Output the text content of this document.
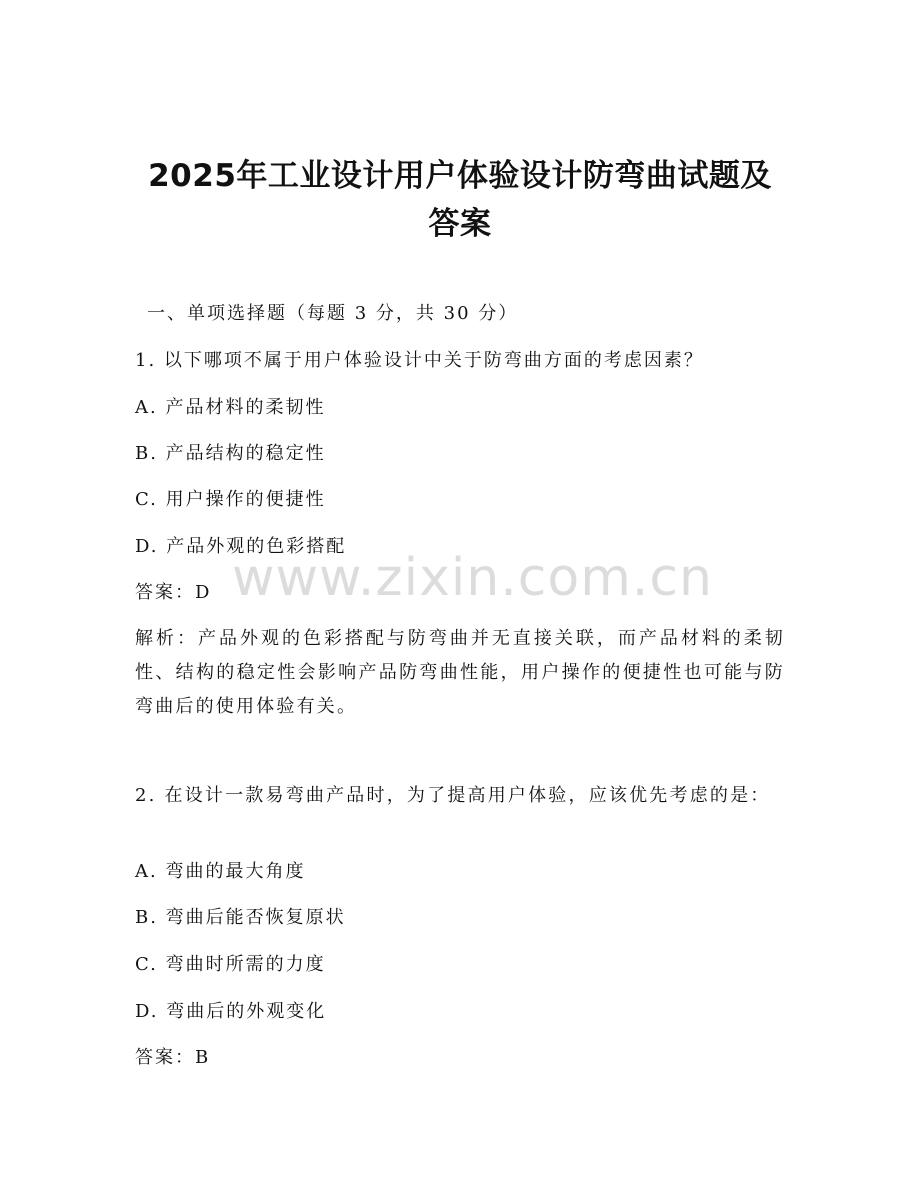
2025年工业设计用户体验设计防弯曲试题及
答案
一、单项选择题（每题 3 分，共 30 分）
1. 以下哪项不属于用户体验设计中关于防弯曲方面的考虑因素？
A. 产品材料的柔韧性
B. 产品结构的稳定性
C. 用户操作的便捷性
D. 产品外观的色彩搭配
答案：D
解析：产品外观的色彩搭配与防弯曲并无直接关联，而产品材料的柔韧性、结构的稳定性会影响产品防弯曲性能，用户操作的便捷性也可能与防弯曲后的使用体验有关。
2. 在设计一款易弯曲产品时，为了提高用户体验，应该优先考虑的是：
A. 弯曲的最大角度
B. 弯曲后能否恢复原状
C. 弯曲时所需的力度
D. 弯曲后的外观变化
答案：B
www.zixin.com.cn
